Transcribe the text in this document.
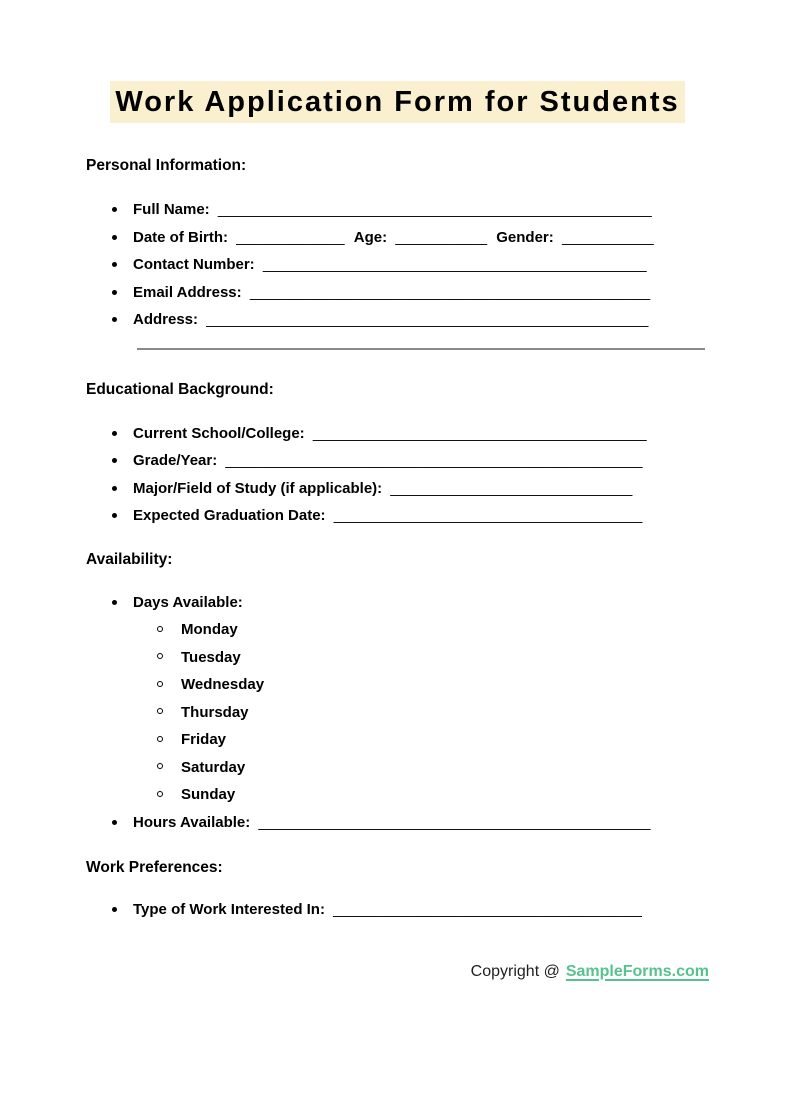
Work Application Form for Students
Personal Information:
Full Name: ____________________________________________________
Date of Birth: _____________ Age: ___________ Gender: ___________
Contact Number: ______________________________________________
Email Address: ________________________________________________
Address: _____________________________________________________
Educational Background:
Current School/College: ________________________________________
Grade/Year: __________________________________________________
Major/Field of Study (if applicable): _____________________________
Expected Graduation Date: _____________________________________
Availability:
Days Available:
Monday
Tuesday
Wednesday
Thursday
Friday
Saturday
Sunday
Hours Available: _______________________________________________
Work Preferences:
Type of Work Interested In: _____________________________________
Copyright @ SampleForms.com
